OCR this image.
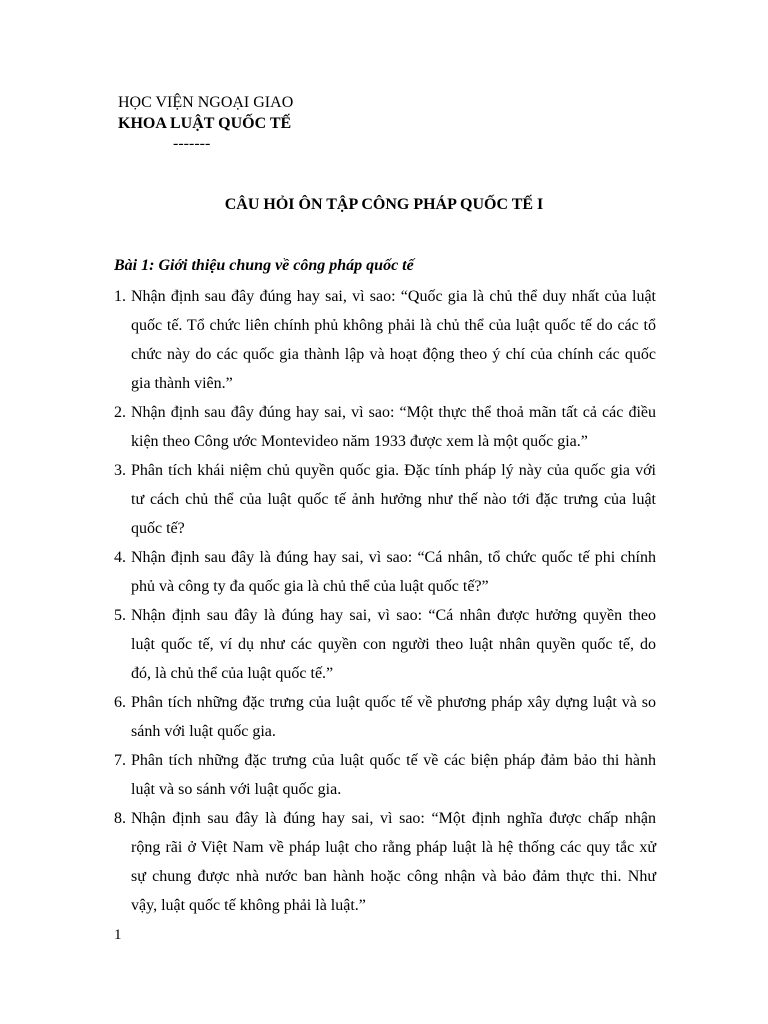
HỌC VIỆN NGOẠI GIAO
KHOA LUẬT QUỐC TẾ
-------
CÂU HỎI ÔN TẬP CÔNG PHÁP QUỐC TẾ I
Bài 1: Giới thiệu chung về công pháp quốc tế
1. Nhận định sau đây đúng hay sai, vì sao: “Quốc gia là chủ thể duy nhất của luật
quốc tế. Tổ chức liên chính phủ không phải là chủ thể của luật quốc tế do các tổ
chức này do các quốc gia thành lập và hoạt động theo ý chí của chính các quốc
gia thành viên.”
2. Nhận định sau đây đúng hay sai, vì sao: “Một thực thể thoả mãn tất cả các điều
kiện theo Công ước Montevideo năm 1933 được xem là một quốc gia.”
3. Phân tích khái niệm chủ quyền quốc gia. Đặc tính pháp lý này của quốc gia với
tư cách chủ thể của luật quốc tế ảnh hưởng như thế nào tới đặc trưng của luật
quốc tế?
4. Nhận định sau đây là đúng hay sai, vì sao: “Cá nhân, tổ chức quốc tế phi chính
phủ và công ty đa quốc gia là chủ thể của luật quốc tế?”
5. Nhận định sau đây là đúng hay sai, vì sao: “Cá nhân được hưởng quyền theo
luật quốc tế, ví dụ như các quyền con người theo luật nhân quyền quốc tế, do
đó, là chủ thể của luật quốc tế.”
6. Phân tích những đặc trưng của luật quốc tế về phương pháp xây dựng luật và so
sánh với luật quốc gia.
7. Phân tích những đặc trưng của luật quốc tế về các biện pháp đảm bảo thi hành
luật và so sánh với luật quốc gia.
8. Nhận định sau đây là đúng hay sai, vì sao: “Một định nghĩa được chấp nhận
rộng rãi ở Việt Nam về pháp luật cho rằng pháp luật là hệ thống các quy tắc xử
sự chung được nhà nước ban hành hoặc công nhận và bảo đảm thực thi. Như
vậy, luật quốc tế không phải là luật.”
1
